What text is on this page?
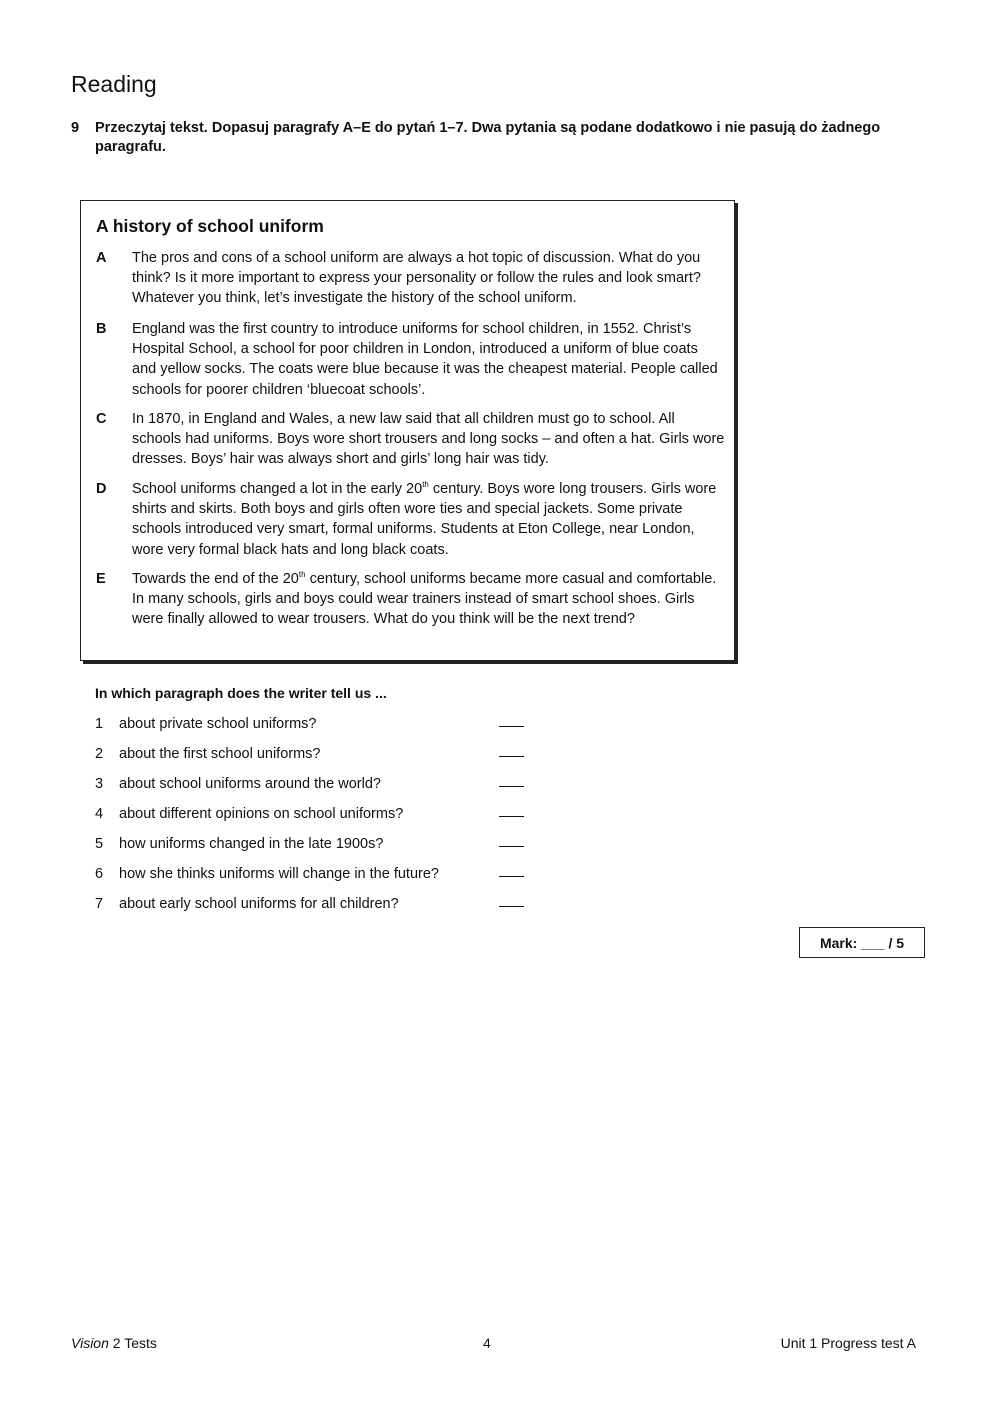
Reading
9	Przeczytaj tekst. Dopasuj paragrafy A–E do pytań 1–7. Dwa pytania są podane dodatkowo i nie pasują do żadnego paragrafu.
A history of school uniform
A	The pros and cons of a school uniform are always a hot topic of discussion. What do you think? Is it more important to express your personality or follow the rules and look smart? Whatever you think, let’s investigate the history of the school uniform.
B	England was the first country to introduce uniforms for school children, in 1552. Christ’s Hospital School, a school for poor children in London, introduced a uniform of blue coats and yellow socks. The coats were blue because it was the cheapest material. People called schools for poorer children ‘bluecoat schools’.
C	In 1870, in England and Wales, a new law said that all children must go to school. All schools had uniforms. Boys wore short trousers and long socks – and often a hat. Girls wore dresses. Boys’ hair was always short and girls’ long hair was tidy.
D	School uniforms changed a lot in the early 20th century. Boys wore long trousers. Girls wore shirts and skirts. Both boys and girls often wore ties and special jackets. Some private schools introduced very smart, formal uniforms. Students at Eton College, near London, wore very formal black hats and long black coats.
E	Towards the end of the 20th century, school uniforms became more casual and comfortable. In many schools, girls and boys could wear trainers instead of smart school shoes. Girls were finally allowed to wear trousers. What do you think will be the next trend?
In which paragraph does the writer tell us ...
1 about private school uniforms?
2 about the first school uniforms?
3 about school uniforms around the world?
4 about different opinions on school uniforms?
5 how uniforms changed in the late 1900s?
6 how she thinks uniforms will change in the future?
7 about early school uniforms for all children?
Mark: ___ / 5
Vision 2 Tests	4	Unit 1 Progress test A
